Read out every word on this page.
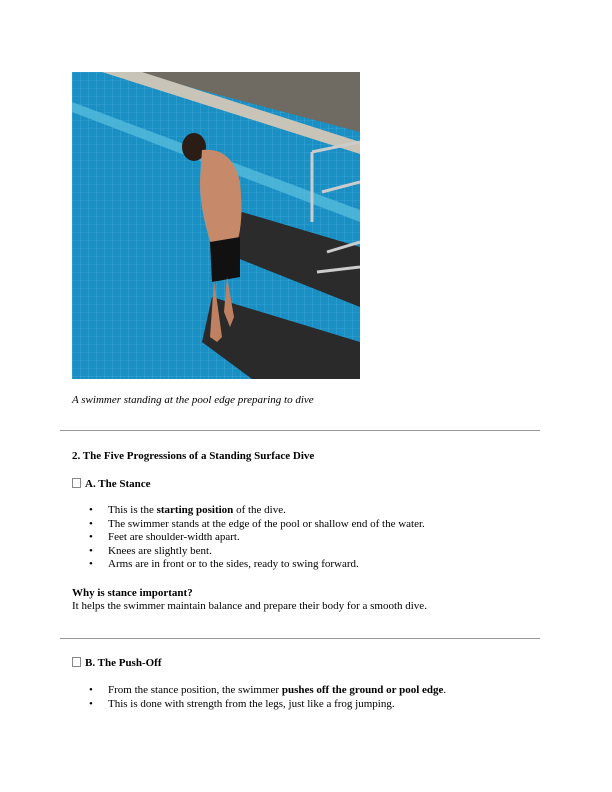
A swimmer standing at the pool edge preparing to dive
2. The Five Progressions of a Standing Surface Dive
A. The Stance
• This is the starting position of the dive.
• The swimmer stands at the edge of the pool or shallow end of the water.
• Feet are shoulder-width apart.
• Knees are slightly bent.
• Arms are in front or to the sides, ready to swing forward.
Why is stance important?
It helps the swimmer maintain balance and prepare their body for a smooth dive.
B. The Push-Off
• From the stance position, the swimmer pushes off the ground or pool edge.
• This is done with strength from the legs, just like a frog jumping.
